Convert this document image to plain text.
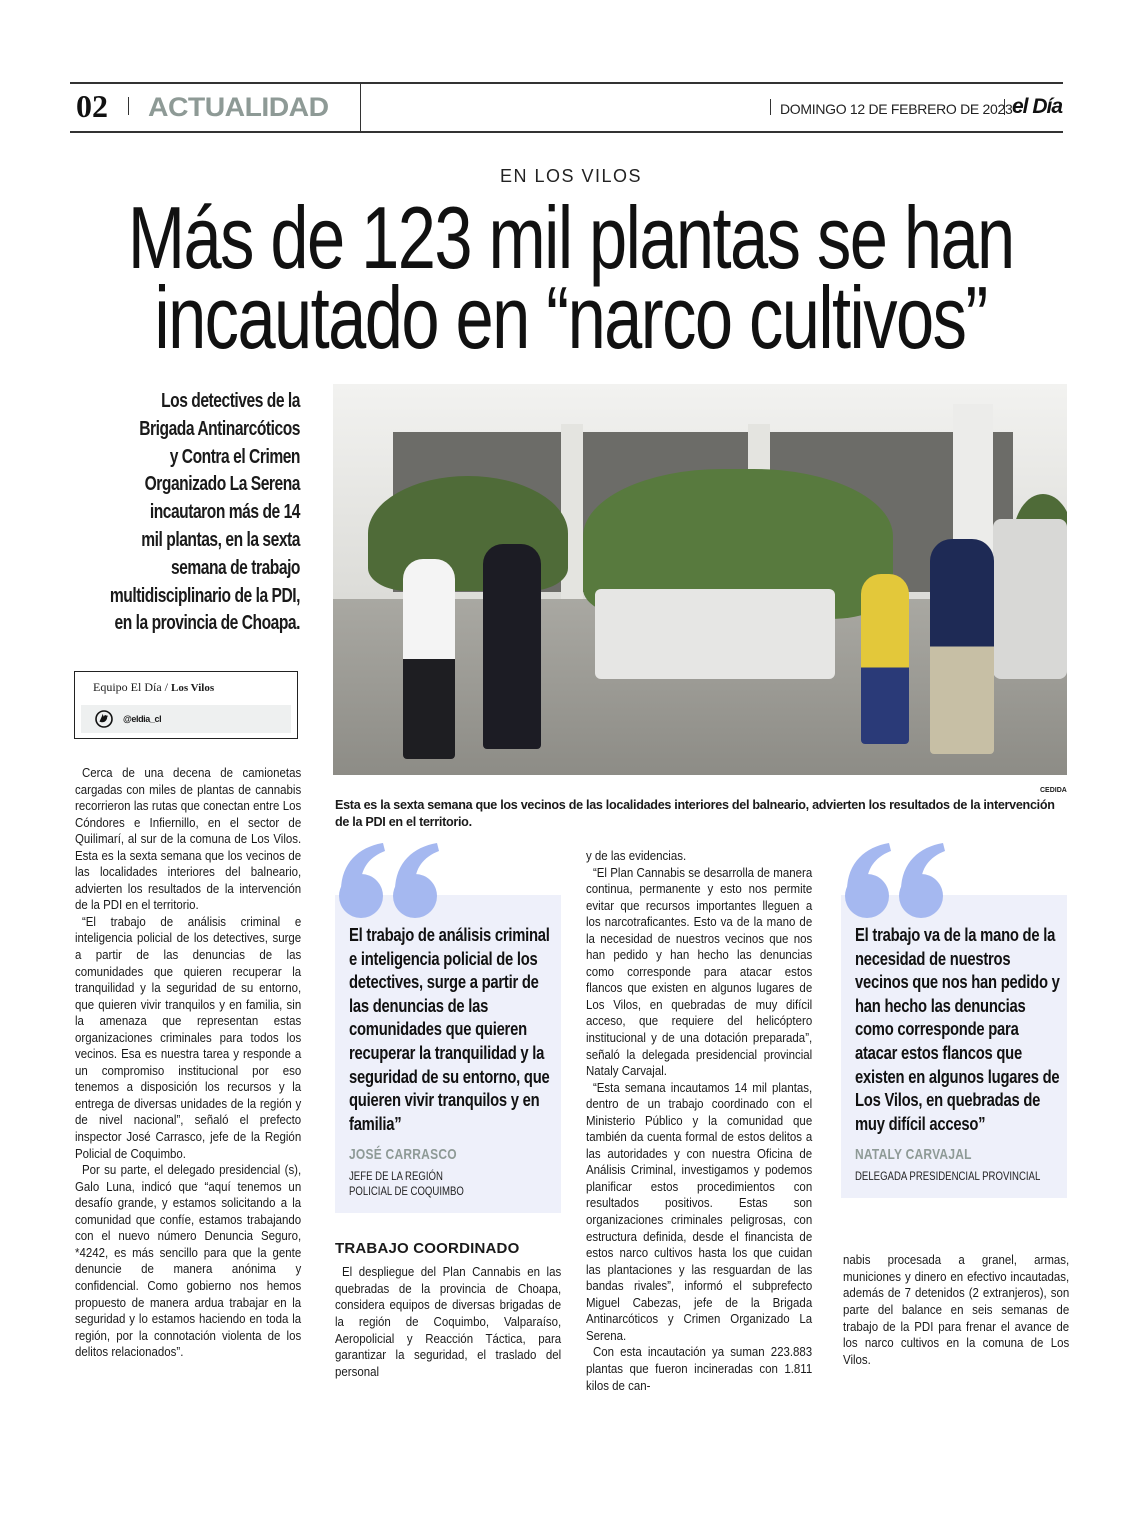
02 ACTUALIDAD	DOMINGO 12 DE FEBRERO DE 2023 el Día
EN LOS VILOS
Más de 123 mil plantas se han
incautado en “narco cultivos”
Los detectives de la
Brigada Antinarcóticos
y Contra el Crimen
Organizado La Serena
incautaron más de 14
mil plantas, en la sexta
semana de trabajo
multidisciplinario de la PDI,
en la provincia de Choapa.
Equipo El Día / Los Vilos
@eldia_cl
CEDIDA
Esta es la sexta semana que los vecinos de las localidades interiores del balneario, advierten los resultados de la intervención de la PDI en el territorio.

Cerca de una decena de camionetas cargadas con miles de plantas de cannabis recorrieron las rutas que conectan entre Los Cóndores e Infiernillo, en el sector de Quilimarí, al sur de la comuna de Los Vilos. Esta es la sexta semana que los vecinos de las localidades interiores del balneario, advierten los resultados de la intervención de la PDI en el territorio.

“El trabajo de análisis criminal e inteligencia policial de los detectives, surge a partir de las denuncias de las comunidades que quieren recuperar la tranquilidad y la seguridad de su entorno, que quieren vivir tranquilos y en familia, sin la amenaza que representan estas organizaciones criminales para todos los vecinos. Esa es nuestra tarea y responde a un compromiso institucional por eso tenemos a disposición los recursos y la entrega de diversas unidades de la región y de nivel nacional”, señaló el prefecto inspector José Carrasco, jefe de la Región Policial de Coquimbo.

Por su parte, el delegado presidencial (s), Galo Luna, indicó que “aquí tenemos un desafío grande, y estamos solicitando a la comunidad que confíe, estamos trabajando con el nuevo número Denuncia Seguro, *4242, es más sencillo para que la gente denuncie de manera anónima y confidencial. Como gobierno nos hemos propuesto de manera ardua trabajar en la seguridad y lo estamos haciendo en toda la región, por la connotación violenta de los delitos relacionados”.

El trabajo de análisis criminal e inteligencia policial de los detectives, surge a partir de las denuncias de las comunidades que quieren recuperar la tranquilidad y la seguridad de su entorno, que quieren vivir tranquilos y en familia”
JOSÉ CARRASCO
JEFE DE LA REGIÓN POLICIAL DE COQUIMBO
TRABAJO COORDINADO

El despliegue del Plan Cannabis en las quebradas de la provincia de Choapa, considera equipos de diversas brigadas de la región de Coquimbo, Valparaíso, Aeropolicial y Reacción Táctica, para garantizar la seguridad, el traslado del personal

y de las evidencias.

“El Plan Cannabis se desarrolla de manera continua, permanente y esto nos permite evitar que recursos importantes lleguen a los narcotraficantes. Esto va de la mano de la necesidad de nuestros vecinos que nos han pedido y han hecho las denuncias como corresponde para atacar estos flancos que existen en algunos lugares de Los Vilos, en quebradas de muy difícil acceso, que requiere del helicóptero institucional y de una dotación preparada”, señaló la delegada presidencial provincial Nataly Carvajal.

“Esta semana incautamos 14 mil plantas, dentro de un trabajo coordinado con el Ministerio Público y la comunidad que también da cuenta formal de estos delitos a las autoridades y con nuestra Oficina de Análisis Criminal, investigamos y podemos planificar estos procedimientos con resultados positivos. Estas son organizaciones criminales peligrosas, con estructura definida, desde el financista de estos narco cultivos hasta los que cuidan las plantaciones y las resguardan de las bandas rivales”, informó el subprefecto Miguel Cabezas, jefe de la Brigada Antinarcóticos y Crimen Organizado La Serena.

Con esta incautación ya suman 223.883 plantas que fueron incineradas con 1.811 kilos de can-

El trabajo va de la mano de la necesidad de nuestros vecinos que nos han pedido y han hecho las denuncias como corresponde para atacar estos flancos que existen en algunos lugares de Los Vilos, en quebradas de muy difícil acceso”
NATALY CARVAJAL
DELEGADA PRESIDENCIAL PROVINCIAL

nabis procesada a granel, armas, municiones y dinero en efectivo incautadas, además de 7 detenidos (2 extranjeros), son parte del balance en seis semanas de trabajo de la PDI para frenar el avance de los narco cultivos en la comuna de Los Vilos.
